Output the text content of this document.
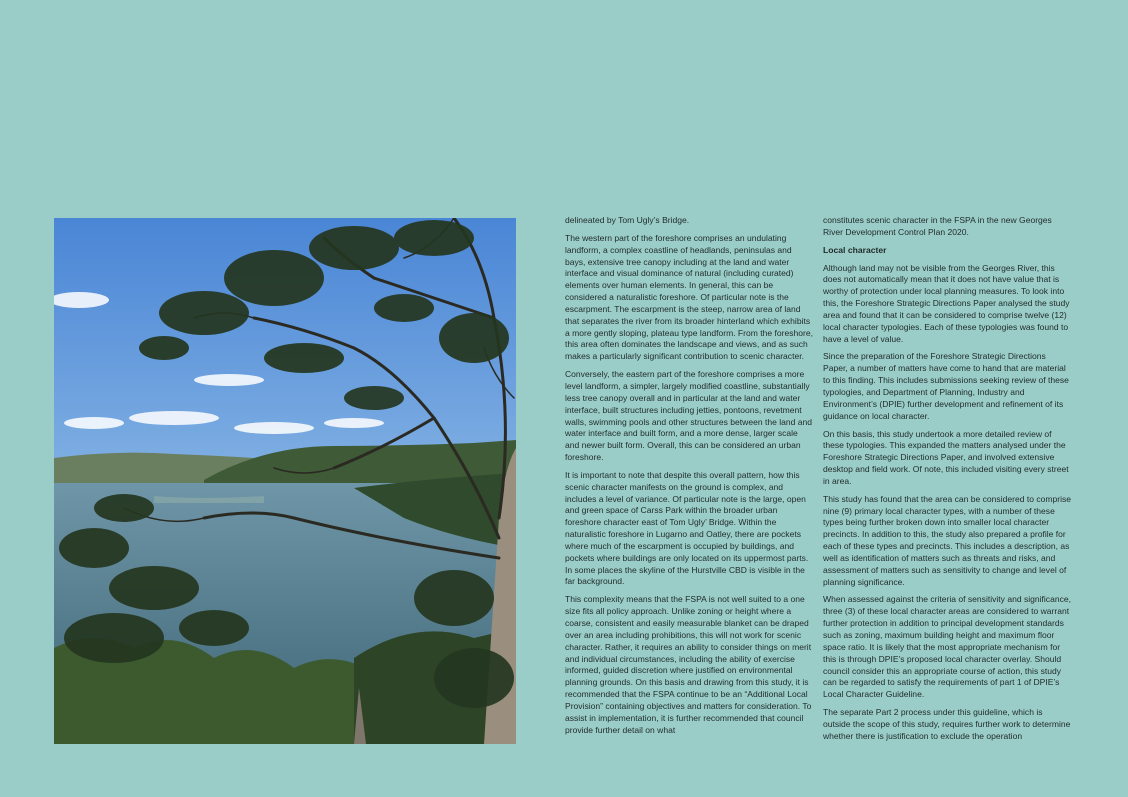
delineated by Tom Ugly’s Bridge.

The western part of the foreshore comprises an undulating landform, a complex coastline of headlands, peninsulas and bays, extensive tree canopy including at the land and water interface and visual dominance of natural (including curated) elements over human elements. In general, this can be considered a naturalistic foreshore. Of particular note is the escarpment. The escarpment is the steep, narrow area of land that separates the river from its broader hinterland which exhibits a more gently sloping, plateau type landform. From the foreshore, this area often dominates the landscape and views, and as such makes a particularly significant contribution to scenic character.

Conversely, the eastern part of the foreshore comprises a more level landform, a simpler, largely modified coastline, substantially less tree canopy overall and in particular at the land and water interface, built structures including jetties, pontoons, revetment walls, swimming pools and other structures between the land and water interface and built form, and a more dense, larger scale and newer built form. Overall, this can be considered an urban foreshore.

It is important to note that despite this overall pattern, how this scenic character manifests on the ground is complex, and includes a level of variance. Of particular note is the large, open and green space of Carss Park within the broader urban foreshore character east of Tom Ugly’ Bridge. Within the naturalistic foreshore in Lugarno and Oatley, there are pockets where much of the escarpment is occupied by buildings, and pockets where buildings are only located on its uppermost parts. In some places the skyline of the Hurstville CBD is visible in the far background.

This complexity means that the FSPA is not well suited to a one size fits all policy approach. Unlike zoning or height where a coarse, consistent and easily measurable blanket can be draped over an area including prohibitions, this will not work for scenic character. Rather, it requires an ability to consider things on merit and individual circumstances, including the ability of exercise informed, guided discretion where justified on environmental planning grounds. On this basis and drawing from this study, it is recommended that the FSPA continue to be an “Additional Local Provision” containing objectives and matters for consideration. To assist in implementation, it is further recommended that council provide further detail on what

constitutes scenic character in the FSPA in the new Georges River Development Control Plan 2020.

Local character

Although land may not be visible from the Georges River, this does not automatically mean that it does not have value that is worthy of protection under local planning measures. To look into this, the Foreshore Strategic Directions Paper analysed the study area and found that it can be considered to comprise twelve (12) local character typologies. Each of these typologies was found to have a level of value.

Since the preparation of the Foreshore Strategic Directions Paper, a number of matters have come to hand that are material to this finding. This includes submissions seeking review of these typologies, and Department of Planning, Industry and Environment’s (DPIE) further development and refinement of its guidance on local character.

On this basis, this study undertook a more detailed review of these typologies. This expanded the matters analysed under the Foreshore Strategic Directions Paper, and involved extensive desktop and field work. Of note, this included visiting every street in area.

This study has found that the area can be considered to comprise nine (9) primary local character types, with a number of these types being further broken down into smaller local character precincts. In addition to this, the study also prepared a profile for each of these types and precincts. This includes a description, as well as identification of matters such as threats and risks, and assessment of matters such as sensitivity to change and level of planning significance.

When assessed against the criteria of sensitivity and significance, three (3) of these local character areas are considered to warrant further protection in addition to principal development standards such as zoning, maximum building height and maximum floor space ratio. It is likely that the most appropriate mechanism for this is through DPIE’s proposed local character overlay. Should council consider this an appropriate course of action, this study can be regarded to satisfy the requirements of part 1 of DPIE’s Local Character Guideline.

The separate Part 2 process under this guideline, which is outside the scope of this study, requires further work to determine whether there is justification to exclude the operation
